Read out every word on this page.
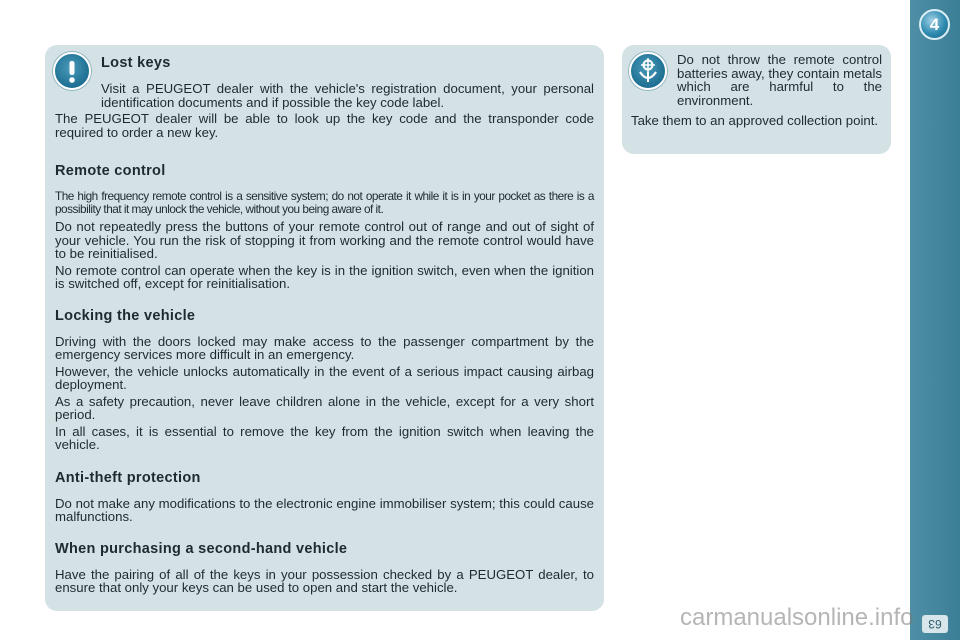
Lost keys

Visit a PEUGEOT dealer with the vehicle's registration document, your personal identification documents and if possible the key code label.

The PEUGEOT dealer will be able to look up the key code and the transponder code required to order a new key.

Remote control

The high frequency remote control is a sensitive system; do not operate it while it is in your pocket as there is a possibility that it may unlock the vehicle, without you being aware of it.

Do not repeatedly press the buttons of your remote control out of range and out of sight of your vehicle. You run the risk of stopping it from working and the remote control would have to be reinitialised.

No remote control can operate when the key is in the ignition switch, even when the ignition is switched off, except for reinitialisation.

Locking the vehicle

Driving with the doors locked may make access to the passenger compartment by the emergency services more difficult in an emergency.

However, the vehicle unlocks automatically in the event of a serious impact causing airbag deployment.

As a safety precaution, never leave children alone in the vehicle, except for a very short period.

In all cases, it is essential to remove the key from the ignition switch when leaving the vehicle.

Anti-theft protection

Do not make any modifications to the electronic engine immobiliser system; this could cause malfunctions.

When purchasing a second-hand vehicle

Have the pairing of all of the keys in your possession checked by a PEUGEOT dealer, to ensure that only your keys can be used to open and start the vehicle.

Do not throw the remote control batteries away, they contain metals which are harmful to the environment.

Take them to an approved collection point.

4
ACCESS
63
carmanualsonline.info
